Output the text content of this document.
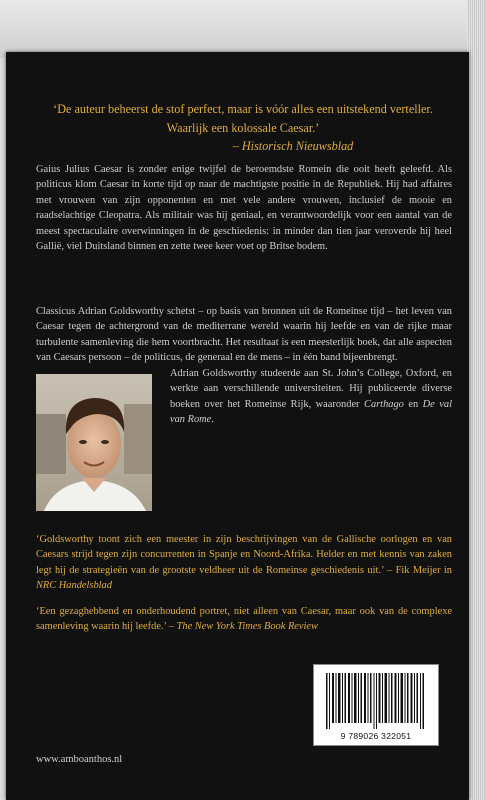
‘De auteur beheerst de stof perfect, maar is vóór alles een uitstekend verteller. Waarlijk een kolossale Caesar.’
– Historisch Nieuwsblad
Gaius Julius Caesar is zonder enige twijfel de beroemdste Romein die ooit heeft geleefd. Als politicus klom Caesar in korte tijd op naar de machtigste positie in de Republiek. Hij had affaires met vrouwen van zijn opponenten en met vele andere vrouwen, inclusief de mooie en raadselachtige Cleopatra. Als militair was hij geniaal, en verantwoordelijk voor een aantal van de meest spectaculaire overwinningen in de geschiedenis: in minder dan tien jaar veroverde hij heel Gallië, viel Duitsland binnen en zette twee keer voet op Britse bodem.
Classicus Adrian Goldsworthy schetst – op basis van bronnen uit de Romeinse tijd – het leven van Caesar tegen de achtergrond van de mediterrane wereld waarin hij leefde en van de rijke maar turbulente samenleving die hem voortbracht. Het resultaat is een meesterlijk boek, dat alle aspecten van Caesars persoon – de politicus, de generaal en de mens – in één band bijeenbrengt.
Adrian Goldsworthy studeerde aan St. John’s College, Oxford, en werkte aan verschillende universiteiten. Hij publiceerde diverse boeken over het Romeinse Rijk, waaronder Carthago en De val van Rome.
‘Goldsworthy toont zich een meester in zijn beschrijvingen van de Gallische oorlogen en van Caesars strijd tegen zijn concurrenten in Spanje en Noord-Afrika. Helder en met kennis van zaken legt hij de strategieën van de grootste veldheer uit de Romeinse geschiedenis uit.’ – Fik Meijer in NRC Handelsblad
‘Een gezaghebbend en onderhoudend portret, niet alleen van Caesar, maar ook van de complexe samenleving waarin hij leefde.’ – The New York Times Book Review
9 789026 322051
www.amboanthos.nl
